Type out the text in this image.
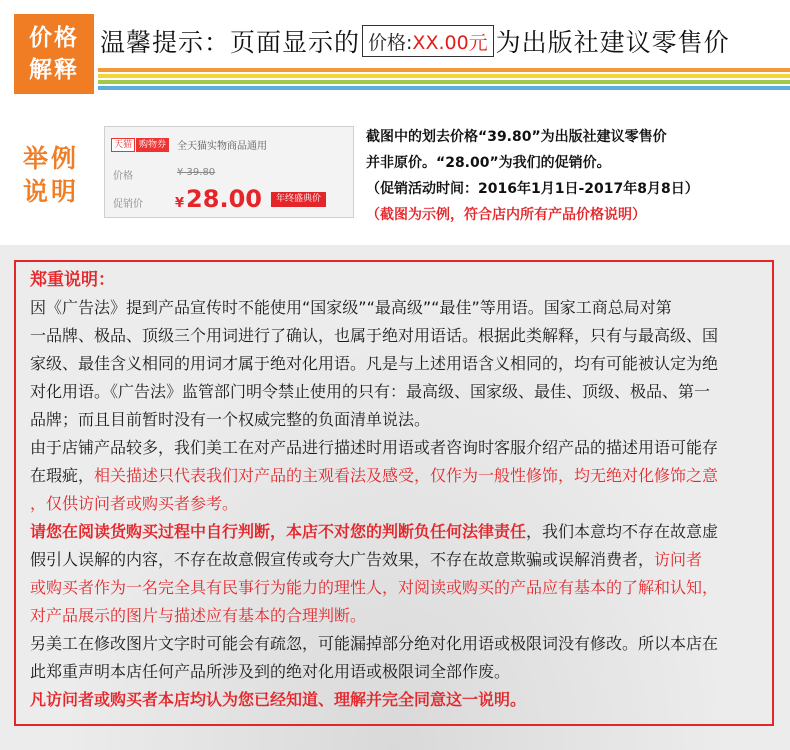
价格
解释
温馨提示：页面显示的 价格: XX.00元 为出版社建议零售价
举例
说明
天猫 购物券	全天猫实物商品通用
价格	¥ 39.80
促销价 ¥28.00	年终盛典价

截图中的划去价格“39.80”为出版社建议零售价

并非原价。“28.00”为我们的促销价。

（促销活动时间：2016年1月1日-2017年8月8日）

（截图为示例，符合店内所有产品价格说明）

郑重说明：

因《广告法》提到产品宣传时不能使用“国家级”“最高级”“最佳”等用语。国家工商总局对第

一品牌、极品、顶级三个用词进行了确认，也属于绝对用语话。根据此类解释，只有与最高级、国

家级、最佳含义相同的用词才属于绝对化用语。凡是与上述用语含义相同的，均有可能被认定为绝

对化用语。《广告法》监管部门明令禁止使用的只有：最高级、国家级、最佳、顶级、极品、第一

品牌；而且目前暂时没有一个权威完整的负面清单说法。

由于店铺产品较多，我们美工在对产品进行描述时用语或者咨询时客服介绍产品的描述用语可能存

在瑕疵，相关描述只代表我们对产品的主观看法及感受，仅作为一般性修饰，均无绝对化修饰之意

，仅供访问者或购买者参考。

请您在阅读货购买过程中自行判断，本店不对您的判断负任何法律责任，我们本意均不存在故意虚

假引人误解的内容，不存在故意假宣传或夸大广告效果，不存在故意欺骗或误解消费者，访问者

或购买者作为一名完全具有民事行为能力的理性人，对阅读或购买的产品应有基本的了解和认知，

对产品展示的图片与描述应有基本的合理判断。

另美工在修改图片文字时可能会有疏忽，可能漏掉部分绝对化用语或极限词没有修改。所以本店在

此郑重声明本店任何产品所涉及到的绝对化用语或极限词全部作废。

凡访问者或购买者本店均认为您已经知道、理解并完全同意这一说明。
